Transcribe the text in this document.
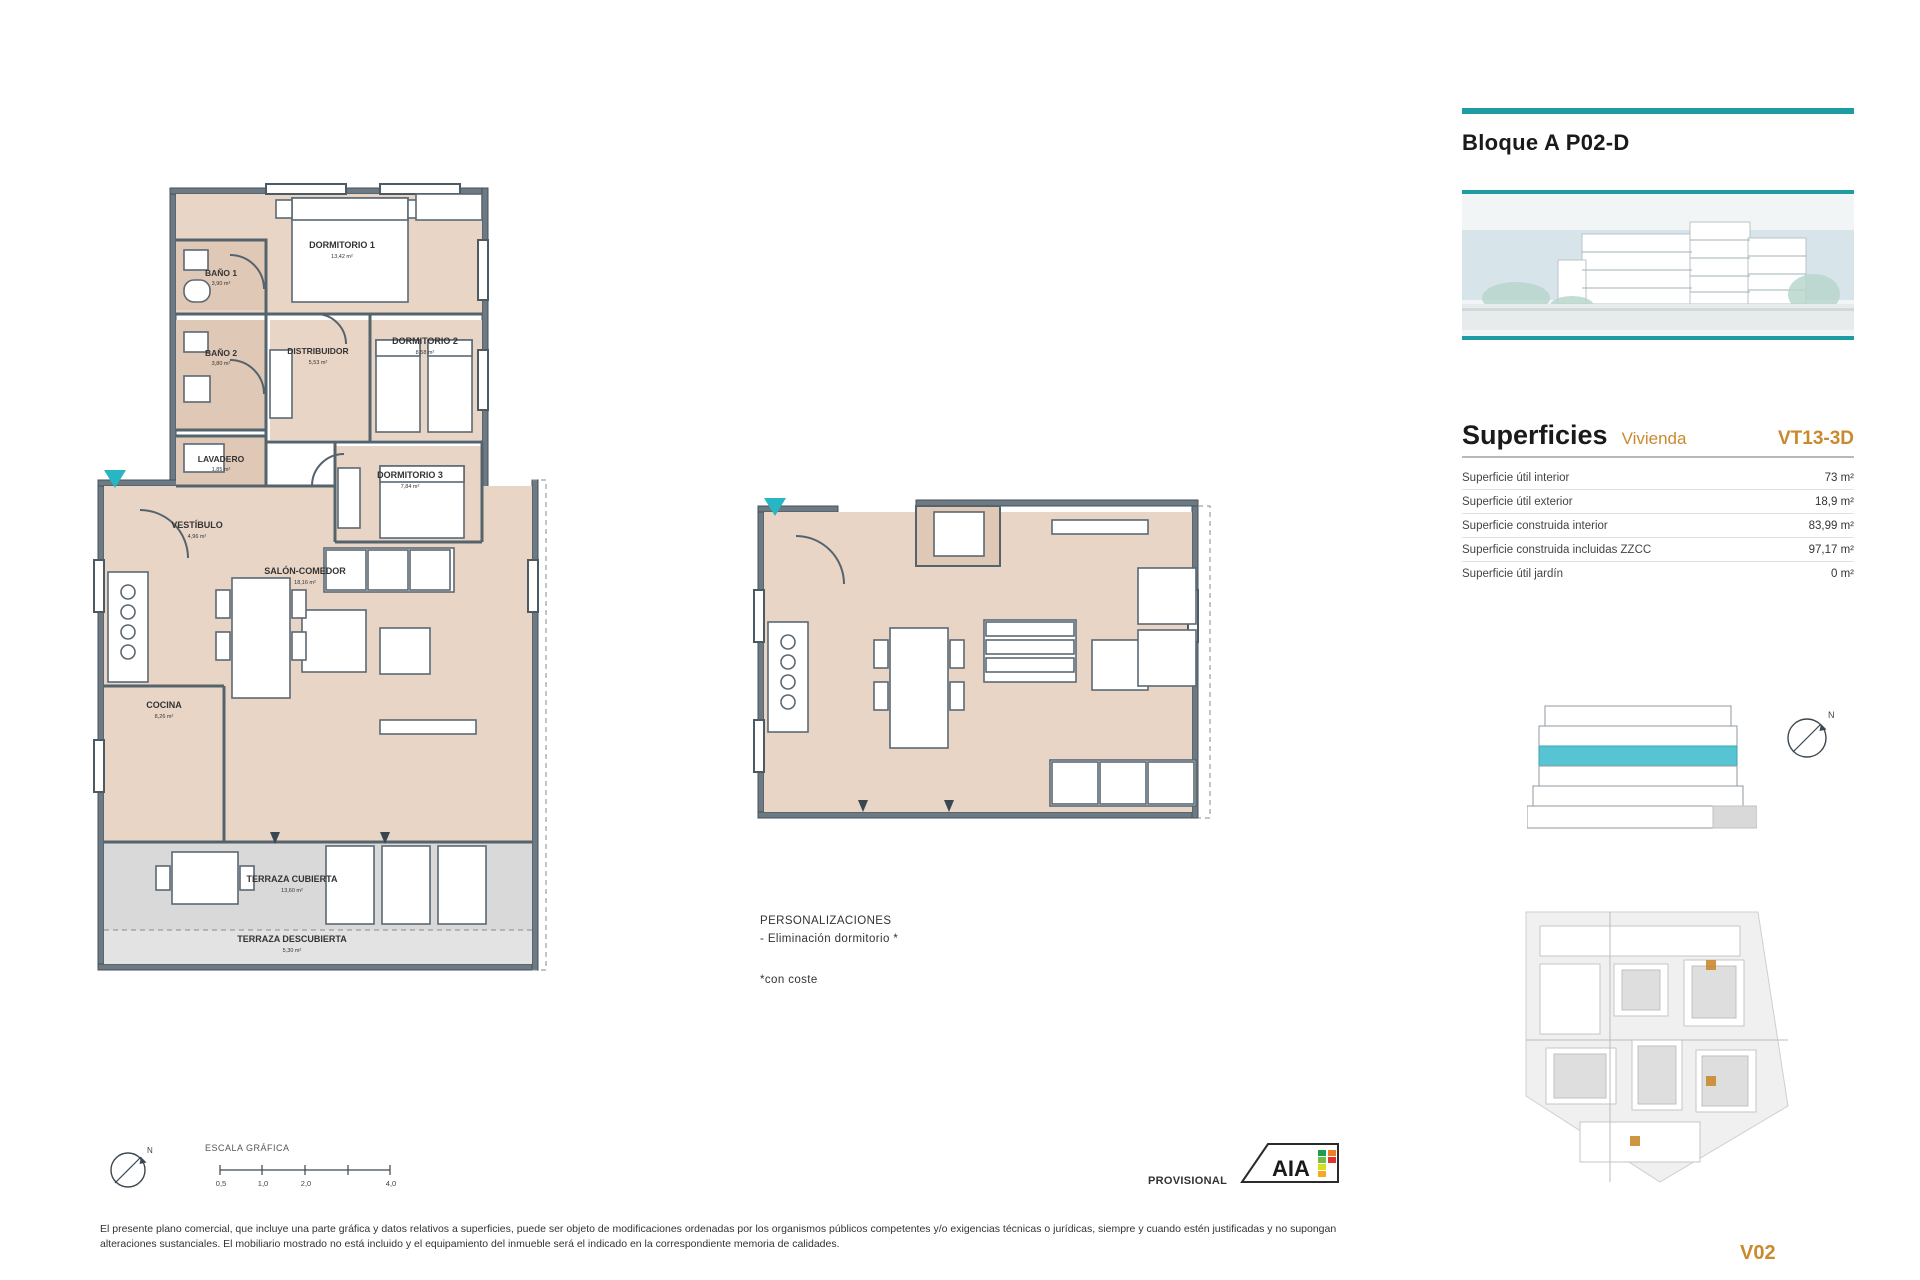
BAÑO 1
3,90 m²
BAÑO 2
3,80 m²
DORMITORIO 1
13,42 m²
DISTRIBUIDOR
5,53 m²
DORMITORIO 2
8,58 m²
LAVADERO
1,85 m²	DORMITORIO 3
7,84 m²
VESTÍBULO
4,96 m²
SALÓN-COMEDOR
18,16 m²
COCINA
8,26 m²
TERRAZA CUBIERTA
13,60 m²
TERRAZA DESCUBIERTA
5,30 m²
PERSONALIZACIONES
- Eliminación dormitorio *
*con coste
Bloque A P02-D
Superficies Vivienda	VT13-3D
Superficie útil interior	73 m²
Superficie útil exterior	18,9 m²
Superficie construida interior	83,99 m²
Superficie construida incluidas ZZCC	97,17 m²
Superficie útil jardín	0 m²
N
V02
N
0,5	1,0	2,0	4,0
ESCALA GRÁFICA
PROVISIONAL AIA
El presente plano comercial, que incluye una parte gráfica y datos relativos a superficies, puede ser objeto de modificaciones ordenadas por los organismos públicos competentes y/o exigencias técnicas o jurídicas, siempre y cuando estén justificadas y no supongan alteraciones sustanciales. El mobiliario mostrado no está incluido y el equipamiento del inmueble será el indicado en la correspondiente memoria de calidades.
